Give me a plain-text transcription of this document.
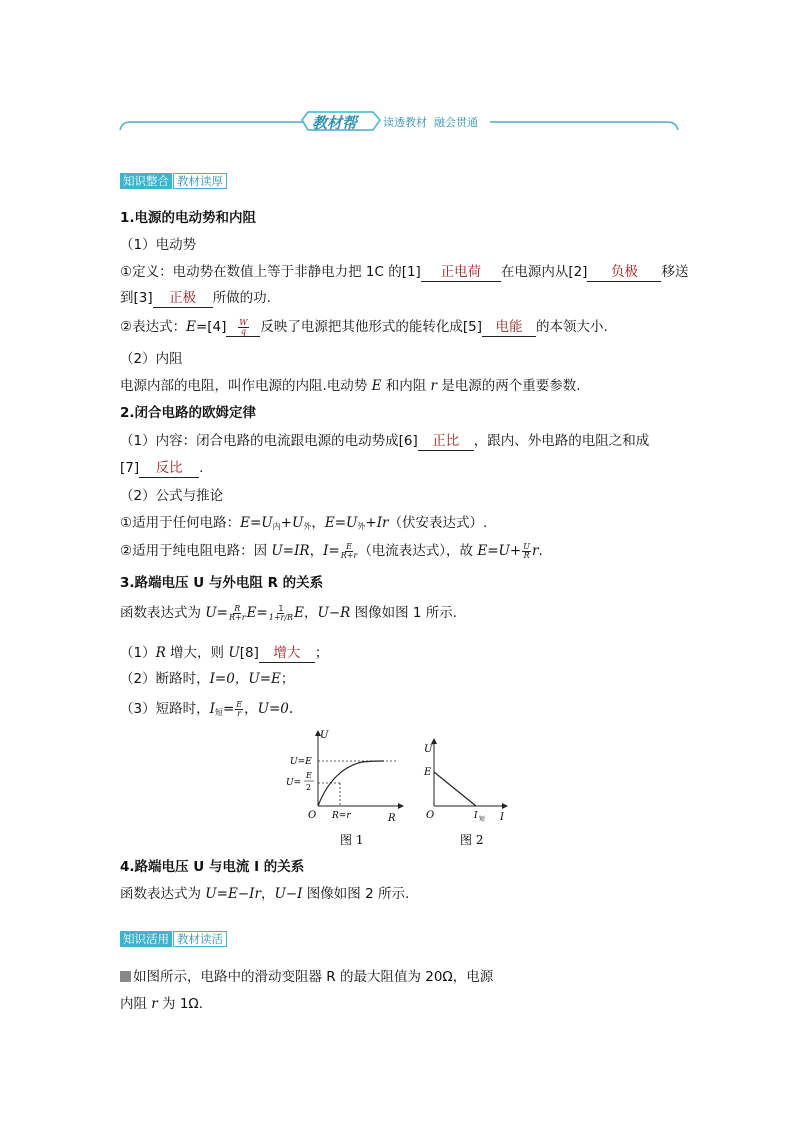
教材帮 读透教材  融会贯通
知识整合 教材读厚
1.电源的电动势和内阻
（1）电动势
①定义：电动势在数值上等于非静电力把 1C 的[1] 正电荷 在电源内从[2] 负极 移送
到[3] 正极 所做的功.
②表达式：$E=[4] \frac{W}{q}$ 反映了电源把其他形式的能转化成[5] 电能 的本领大小.
（2）内阻
电源内部的电阻，叫作电源的内阻.电动势 E 和内阻 r 是电源的两个重要参数.
2.闭合电路的欧姆定律
（1）内容：闭合电路的电流跟电源的电动势成[6] 正比 ，跟内、外电路的电阻之和成
[7] 反比 .
（2）公式与推论
①适用于任何电路：$E=U_内+U_外$，$E=U_外+Ir$（伏安表达式）.
②适用于纯电阻电路：因 U=IR，$I= \frac{E}{R+r}$ （电流表达式），故 $E=U+ \frac{U}{R} r$.
3.路端电压 U 与外电阻 R 的关系
函数表达式为 $U= \frac{R}{R+r} E= \frac{1}{1+r/R}$ E，U−R 图像如图 1 所示.
（1）R 增大，则 U[8] 增大 ；
（2）断路时，I=0，U=E；
（3）短路时，$I_短= \frac{E}{r}$ ，U=0.
U
R
O
U=E
U=
E
2
R=r
图 1
U
I
O
E
I 短
图 2
4.路端电压 U 与电流 I 的关系
函数表达式为 U=E−Ir，U−I 图像如图 2 所示.
知识活用 教材读活
如图所示，电路中的滑动变阻器 R 的最大阻值为 20Ω，电源
内阻 r 为 1Ω.
